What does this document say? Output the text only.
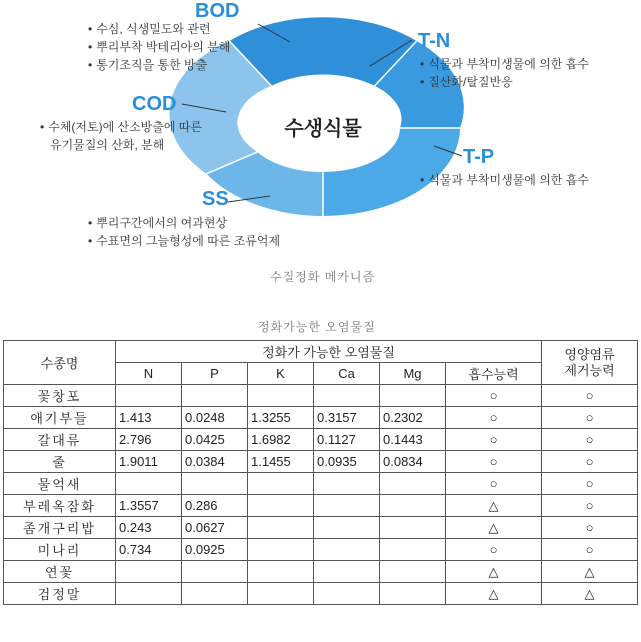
수생식물
BOD
• 수심, 식생밀도와 관련
• 뿌리부착 박테리아의 분해
• 통기조직을 통한 방출
T-N
• 식물과 부착미생물에 의한 흡수
• 질산화/탈질반응
T-P
• 식물과 부착미생물에 의한 흡수
SS
• 뿌리구간에서의 여과현상
• 수표면의 그늘형성에 따른 조류억제
COD
• 수체(저토)에 산소방출에 따른
유기물질의 산화, 분해
수질정화 메카니즘
정화가능한 오염물질
수종명	정화가 가능한 오염물질						영양염류
제거능력
	N	P	K	Ca	Mg	흡수능력	
꽃창포						○	○
애기부들	1.413	0.0248	1.3255	0.3157	0.2302	○	○
갈대류	2.796	0.0425	1.6982	0.1127	0.1443	○	○
줄	1.9011	0.0384	1.1455	0.0935	0.0834	○	○
물억새						○	○
부레옥잠화	1.3557	0.286				△	○
좀개구리밥	0.243	0.0627				△	○
미나리	0.734	0.0925				○	○
연꽃						△	△
검정말						△	△
